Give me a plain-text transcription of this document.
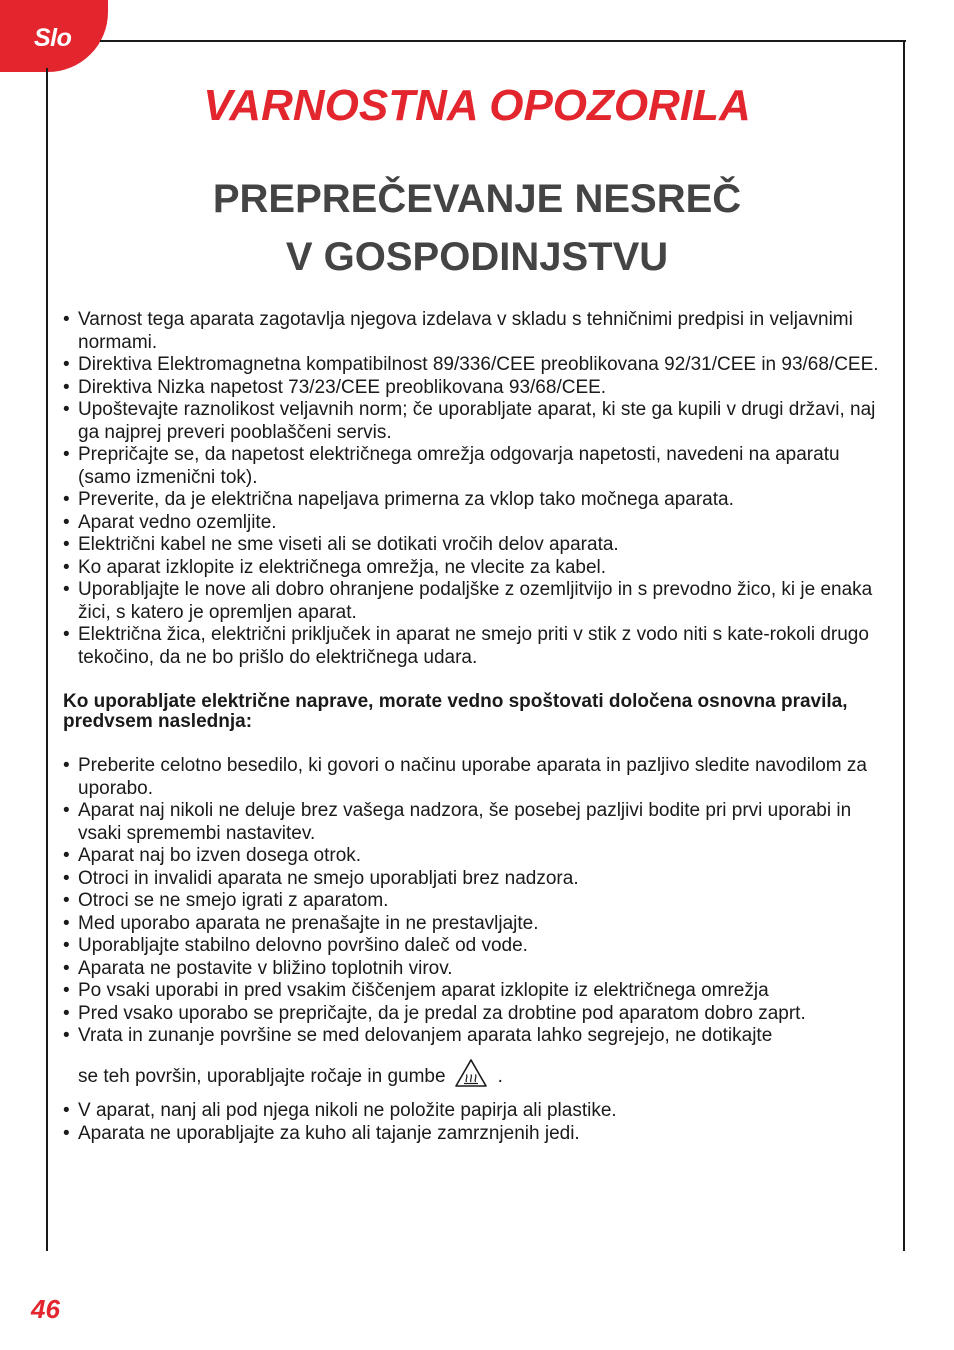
Slo
VARNOSTNA OPOZORILA
PREPREČEVANJE NESREČ
V GOSPODINJSTVU
• Varnost tega aparata zagotavlja njegova izdelava v skladu s tehničnimi predpisi in veljavnimi normami.
• Direktiva Elektromagnetna kompatibilnost 89/336/CEE preoblikovana 92/31/CEE in 93/68/CEE.
• Direktiva Nizka napetost 73/23/CEE preoblikovana 93/68/CEE.
• Upoštevajte raznolikost veljavnih norm; če uporabljate aparat, ki ste ga kupili v drugi državi, naj ga najprej preveri pooblaščeni servis.
• Prepričajte se, da napetost električnega omrežja odgovarja napetosti, navedeni na aparatu (samo izmenični tok).
• Preverite, da je električna napeljava primerna za vklop tako močnega aparata.
• Aparat vedno ozemljite.
• Električni kabel ne sme viseti ali se dotikati vročih delov aparata.
• Ko aparat izklopite iz električnega omrežja, ne vlecite za kabel.
• Uporabljajte le nove ali dobro ohranjene podaljške z ozemljitvijo in s prevodno žico, ki je enaka žici, s katero je opremljen aparat.
• Električna žica, električni priključek in aparat ne smejo priti v stik z vodo niti s kate-rokoli drugo tekočino, da ne bo prišlo do električnega udara.
Ko uporabljate električne naprave, morate vedno spoštovati določena osnovna pravila, predvsem naslednja:
• Preberite celotno besedilo, ki govori o načinu uporabe aparata in pazljivo sledite navodilom za uporabo.
• Aparat naj nikoli ne deluje brez vašega nadzora, še posebej pazljivi bodite pri prvi uporabi in vsaki spremembi nastavitev.
• Aparat naj bo izven dosega otrok.
• Otroci in invalidi aparata ne smejo uporabljati brez nadzora.
• Otroci se ne smejo igrati z aparatom.
• Med uporabo aparata ne prenašajte in ne prestavljajte.
• Uporabljajte stabilno delovno površino daleč od vode.
• Aparata ne postavite v bližino toplotnih virov.
• Po vsaki uporabi in pred vsakim čiščenjem aparat izklopite iz električnega omrežja
• Pred vsako uporabo se prepričajte, da je predal za drobtine pod aparatom dobro zaprt.
• Vrata in zunanje površine se med delovanjem aparata lahko segrejejo, ne dotikajte
se teh površin, uporabljajte ročaje in gumbe	.
• V aparat, nanj ali pod njega nikoli ne položite papirja ali plastike.
• Aparata ne uporabljajte za kuho ali tajanje zamrznjenih jedi.
46
